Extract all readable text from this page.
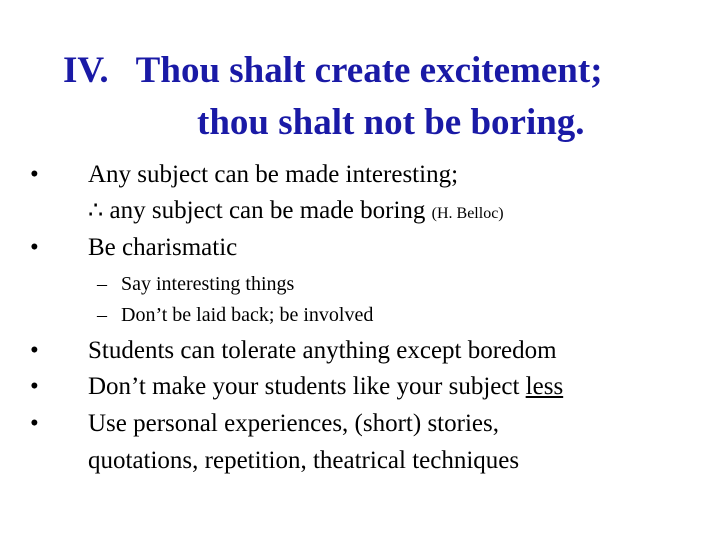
IV.   Thou shalt create excitement;
thou shalt not be boring.
• Any subject can be made interesting;
∴ any subject can be made boring (H. Belloc)
• Be charismatic
– Say interesting things
– Don’t be laid back; be involved
• Students can tolerate anything except boredom
• Don’t make your students like your subject less
• Use personal experiences, (short) stories,
quotations, repetition, theatrical techniques
